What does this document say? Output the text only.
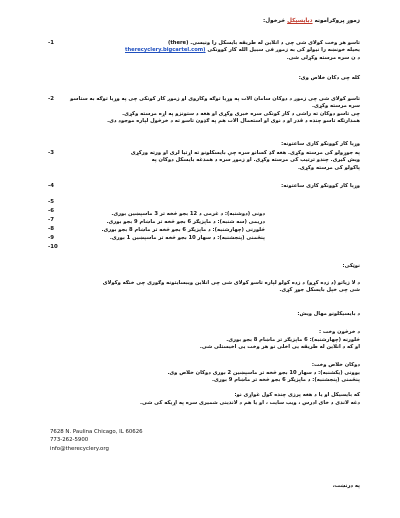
زموږ پروګرامونه دبايسيکل څرخول:
-1	تاسو هر وخت کولای شی چی د انلاین له طریقه بایسکل را ونیسی. (there)
يحيله خونښه را نيولو کی به زموږ فی سبيل الله کار کوونکی (therecyclery.bigcartel.com
د ن سره مرسته وکړلی شی.
کله چی دکان خلاص وی:
-2	تاسو کولای شی چی زموږ د دوکان سامان الات په وړیا توګه وکاروی او زموږ کار کونکی چی په وړیا توګه به ستاسو سره مرسته وکړی.
چی تاسو دوکان ته راشی د کار کونکی سره خبری وکړی او هغه د ستونزو په اړه مرسته وکړی.
همدارنګه تاسو چنده د قدر او د نوی او استعمال الات هم په ګډون تاسو ته د خرڅول لپاره موجود دی.
وړیا کار کوونکو کاری ساعتونه:
-3	په جوړولو کی مرسته وکړی. هغه ګډ کسانو سره چې بایسکلونو ته اړتیا لری او ورته ورکړی
ویش کیږی. چندو ترتیب کی مرسته وکړی. او زموږ سره د همدغه بایسکل دوکان په
پاکولو کی مرسته وکړی.
-4	وړیا کار کوونکو کاری ساعتونه:
-5
-6
-7
-8
-9
-10
دونی (دوشنبه): د غرمی د 12 بجو څخه تر 3 ماسپښین بوری.
دریمی (سه شنبه): د ماپزیګر 6 بجو څخه تر ماښام 9 بجو بوری.
څلورنی (چهارشنبه): د ماپزیګر 6 بجو څخه تر ماښام 8 بجو بوری.
پنځمنی (پنجشنبه): د سهار 10 بجو څخه تر ماسپښین 1 بوری.
نوټکی:
د لا زیاتو (د زده کړو) د زده کولو لپاره تاسو کولای شی چی انلاین ویبسایتونه وګوری چی خنګه وکولای
شی چی خپل بایسکل جوړ کړی.
د بایسیکلونو مهال ویش:
د خرڅون وخت :
څلورنه (چهارشنبه): 6 ماپزیګر تر ماښام 8 بجو بوری.
او که د انلاین له طریقه یی اخلی نو هر وخت یی اخیستلی شی.
دوکان خلاص وخت:
یوونی (یکشنبه): د سهار 10 بجو څخه تر ماسپښین 2 بوری دوکان خلاص وی.
پنځمنی (پنجشنبه): د ماپزیګر 6 بجو څخه تر ماښام 9 بوری.
که بایسیکل او یا د هغه پرزی چنده کول غواړی نو:
دغه لاندی د خای ادرس ، ویب سایت ، او یا هم د لاندینی شمیری سره په اړیکه کی شی.
7628 N. Paulina Chicago, IL 60626
773-262-5900
info@therecyclery.org
په درنښت،
